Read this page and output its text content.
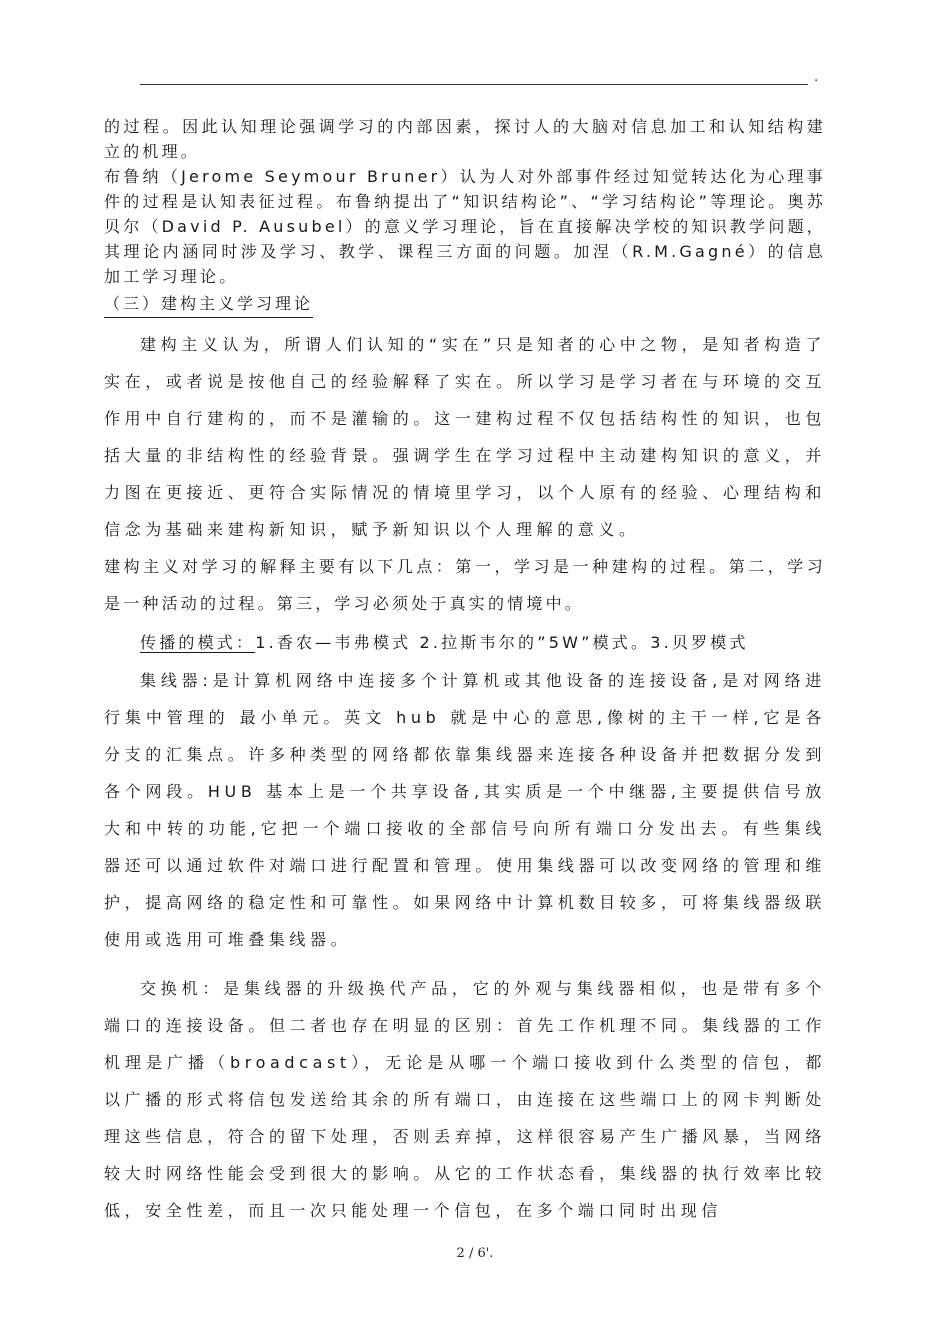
.

的过程。因此认知理论强调学习的内部因素，探讨人的大脑对信息加工和认知结构建立的机理。

布鲁纳（Jerome Seymour Bruner）认为人对外部事件经过知觉转达化为心理事件的过程是认知表征过程。布鲁纳提出了“知识结构论”、“学习结构论”等理论。奥苏贝尔（David P. Ausubel）的意义学习理论，旨在直接解决学校的知识教学问题，其理论内涵同时涉及学习、教学、课程三方面的问题。加涅（R.M.Gagné）的信息加工学习理论。

（三）建构主义学习理论

建构主义认为，所谓人们认知的“实在”只是知者的心中之物，是知者构造了实在，或者说是按他自己的经验解释了实在。所以学习是学习者在与环境的交互作用中自行建构的，而不是灌输的。这一建构过程不仅包括结构性的知识，也包括大量的非结构性的经验背景。强调学生在学习过程中主动建构知识的意义，并力图在更接近、更符合实际情况的情境里学习，以个人原有的经验、心理结构和信念为基础来建构新知识，赋予新知识以个人理解的意义。

建构主义对学习的解释主要有以下几点：第一，学习是一种建构的过程。第二，学习是一种活动的过程。第三，学习必须处于真实的情境中。

传播的模式：1.香农—韦弗模式 2.拉斯韦尔的”5W”模式。3.贝罗模式

集线器:是计算机网络中连接多个计算机或其他设备的连接设备,是对网络进行集中管理的 最小单元。英文 hub 就是中心的意思,像树的主干一样,它是各分支的汇集点。许多种类型的网络都依靠集线器来连接各种设备并把数据分发到各个网段。HUB 基本上是一个共享设备,其实质是一个中继器,主要提供信号放大和中转的功能,它把一个端口接收的全部信号向所有端口分发出去。有些集线器还可以通过软件对端口进行配置和管理。使用集线器可以改变网络的管理和维护，提高网络的稳定性和可靠性。如果网络中计算机数目较多，可将集线器级联使用或选用可堆叠集线器。

交换机：是集线器的升级换代产品，它的外观与集线器相似，也是带有多个端口的连接设备。但二者也存在明显的区别：首先工作机理不同。集线器的工作机理是广播（broadcast），无论是从哪一个端口接收到什么类型的信包，都以广播的形式将信包发送给其余的所有端口，由连接在这些端口上的网卡判断处理这些信息，符合的留下处理，否则丢弃掉，这样很容易产生广播风暴，当网络较大时网络性能会受到很大的影响。从它的工作状态看，集线器的执行效率比较低，安全性差，而且一次只能处理一个信包，在多个端口同时出现信

2 / 6'.
